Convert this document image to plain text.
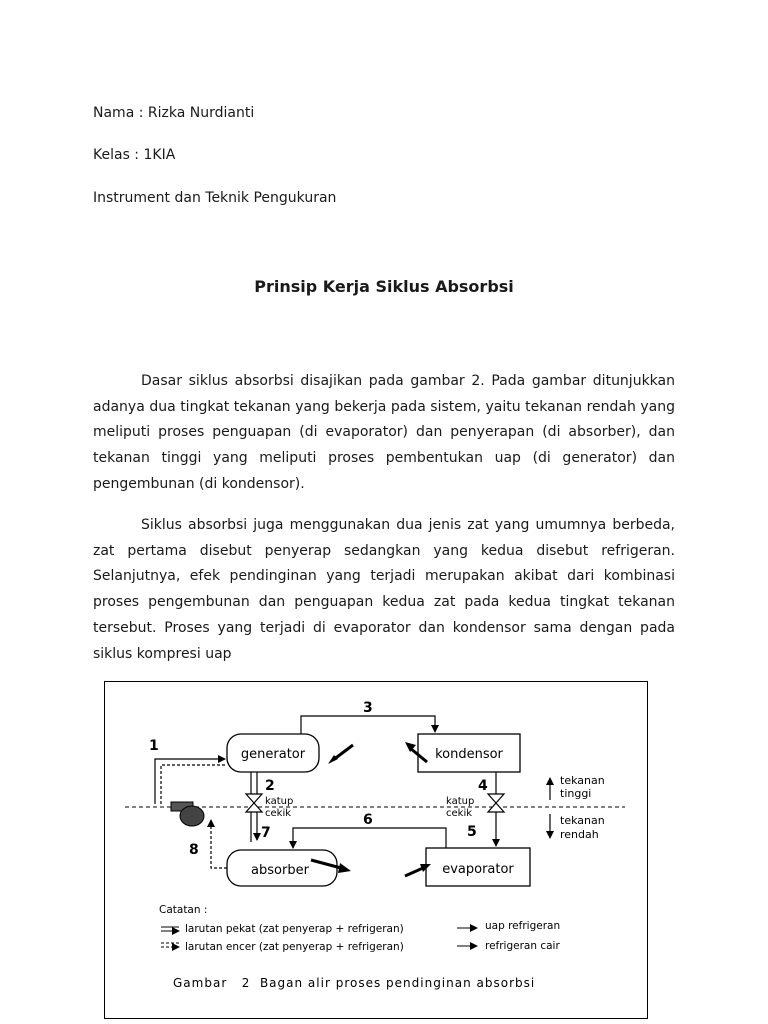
Nama : Rizka Nurdianti
Kelas : 1KIA
Instrument dan Teknik Pengukuran
Prinsip Kerja Siklus Absorbsi

Dasar siklus absorbsi disajikan pada gambar 2. Pada gambar ditunjukkan adanya dua tingkat tekanan yang bekerja pada sistem, yaitu tekanan rendah yang meliputi proses penguapan (di evaporator) dan penyerapan (di absorber), dan tekanan tinggi yang meliputi proses pembentukan uap (di generator) dan pengembunan (di kondensor).

Siklus absorbsi juga menggunakan dua jenis zat yang umumnya berbeda, zat pertama disebut penyerap sedangkan yang kedua disebut refrigeran. Selanjutnya, efek pendinginan yang terjadi merupakan akibat dari kombinasi proses pengembunan dan penguapan kedua zat pada kedua tingkat tekanan tersebut. Proses yang terjadi di evaporator dan kondensor sama dengan pada siklus kompresi uap

generator	kondensor
absorber	evaporator
3
1
8
2
katup
cekik
7
4
katup
cekik
5
6
tekanan
tinggi
tekanan
rendah
Catatan :
larutan pekat (zat penyerap + refrigeran)
larutan encer (zat penyerap + refrigeran)
uap refrigeran
refrigeran cair
Gambar   2  Bagan alir proses pendinginan absorbsi
